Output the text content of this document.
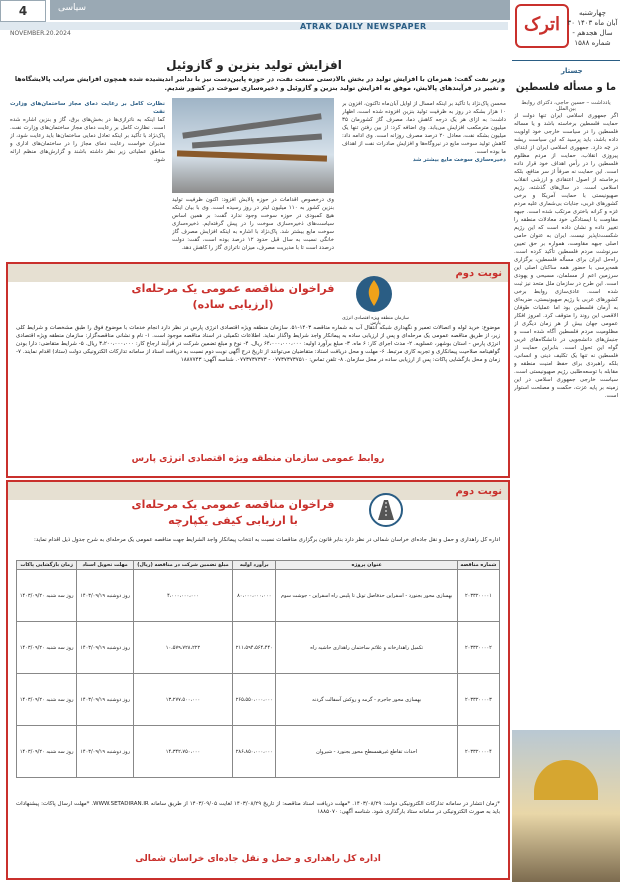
4	سیاسی
NOVEMBER.20.2024
ATRAK DAILY NEWSPAPER	اترک
چهارشنبه
۳۰ آبان ماه ۱۴۰۳
سال هجدهم - شماره ۱۵۸۸
افزایش تولید بنزین و گازوئیل
وزیر نفت گفت: همزمان با افزایش تولید در بخش بالادستی صنعت نفت، در حوزه پایین‌دست نیز با تدابیر اندیشیده شده همچون افزایش ضرایب پالایشگاه‌ها و تغییر در فرآیندهای پالایش، موفق به افزایش تولید بنزین و گازوئیل و ذخیره‌سازی سوخت در کشور شدیم.
محسن پاک‌نژاد با تأکید بر اینکه امسال از اوایل آبان‌ماه تاکنون، افزون بر ۱۰ هزار بشکه در روز به ظرفیت تولید بنزین افزوده شده است، اظهار داشت: به ازای هر یک درجه کاهش دما، مصرف گاز کشورمان ۳۵ میلیون مترمکعب افزایش می‌یابد. وی اضافه کرد: از بین رفتن تنها یک میلیون بشکه نفت، معادل ۲۰ درصد مصرف روزانه است. وی ادامه داد: کاهش تولید سوخت مایع در نیروگاه‌ها و افزایش صادرات نفت از اهداف ما بوده است.
ذخیره‌سازی سوخت مایع بیشتر شد
وی درخصوص اقدامات در حوزه پالایش افزود: اکنون ظرفیت تولید بنزین کشور به ۱۱۰ میلیون لیتر در روز رسیده است. وی با بیان اینکه هیچ کمبودی در حوزه سوخت وجود ندارد گفت: بر همین اساس سیاست‌های ذخیره‌سازی سوخت را در پیش گرفته‌ایم. ذخیره‌سازی سوخت مایع بیشتر شد. پاک‌نژاد با اشاره به اینکه افزایش مصرف گاز خانگی نسبت به سال قبل حدود ۱۲ درصد بوده است، گفت: دولت درصدد است تا با مدیریت مصرف، میزان ناترازی گاز را کاهش دهد.
نظارت کامل بر رعایت دمای مجاز ساختمان‌های وزارت نفت
کما اینکه به ناترازی‌ها در بخش‌های برق، گاز و بنزین اشاره شده است. نظارت کامل بر رعایت دمای مجاز ساختمان‌های وزارت نفت. پاک‌نژاد با تأکید بر اینکه تعادل دمایی ساختمان‌ها باید رعایت شود، از مدیران خواست رعایت دمای مجاز را در ساختمان‌های اداری و مناطق عملیاتی زیر نظر داشته باشند و گزارش‌های منظم ارائه شود.
نوبت دوم
سازمان منطقه ویژه اقتصادی انرژی پارس
فراخوان مناقصه عمومی یک مرحله‌ای
(ارزیابی ساده)
موضوع: خرید لوله و اتصالات تعمیر و نگهداری شبکه انتقال آب به شماره مناقصه ۱۴۰۳-۵۱. سازمان منطقه ویژه اقتصادی انرژی پارس در نظر دارد انجام خدمات با موضوع فوق را طبق مشخصات و شرایط کلی زیر، از طریق مناقصه عمومی یک مرحله‌ای و پس از ارزیابی ساده به پیمانکار واجد شرایط واگذار نماید. اطلاعات تکمیلی در اسناد مناقصه موجود است. ۱- نام و نشانی مناقصه‌گزار: سازمان منطقه ویژه اقتصادی انرژی پارس - استان بوشهر، عسلویه. ۲- مدت اجرای کار: ۶ ماه. ۳- مبلغ برآورد اولیه: ۶۴،۰۰۰،۰۰۰،۰۰۰ ریال. ۴- نوع و مبلغ تضمین شرکت در فرآیند ارجاع کار: ۳،۲۰۰،۰۰۰،۰۰۰ ریال. ۵- شرایط متقاضی: دارا بودن گواهینامه صلاحیت پیمانکاری و تجربه کاری مرتبط. ۶- مهلت و محل دریافت اسناد: متقاضیان می‌توانند از تاریخ درج آگهی نوبت دوم نسبت به دریافت اسناد از سامانه تدارکات الکترونیکی دولت (ستاد) اقدام نمایند. ۷- زمان و محل بازگشایی پاکات: پس از ارزیابی ساده در محل سازمان. ۸- تلفن تماس: ۰۷۷۳۷۳۷۳۷۵۱۰ - ۰۷۷۳۷۳۷۳۷۳. شناسه آگهی: ۱۸۸۷۷۴۳
روابط عمومی سازمان منطقه ویژه اقتصادی انرژی پارس
نوبت دوم
فراخوان مناقصه عمومی یک مرحله‌ای
با ارزیابی کیفی یکپارچه
اداره کل راهداری و حمل و نقل جاده‌ای خراسان شمالی در نظر دارد بنابر قانون برگزاری مناقصات نسبت به انتخاب پیمانکار واجد الشرایط جهت مناقصه عمومی یک مرحله‌ای به شرح جدول ذیل اقدام نماید:
شماره مناقصه	عنوان پروژه	برآورد اولیه	مبلغ تضمین شرکت در مناقصه (ریال)	مهلت تحویل اسناد	زمان بازگشایی پاکات
۲۰۳۳۲۰۰۰۰۱	بهسازی محور بجنورد - اسفراین حدفاصل تونل تا پلیس راه اسفراین - جوشت سوم	۸۰،۰۰۰،۰۰۰،۰۰۰	۴،۰۰۰،۰۰۰،۰۰۰	روز دوشنبه ۱۴۰۳/۰۹/۱۹	روز سه شنبه ۱۴۰۳/۰۹/۲۰
۲۰۳۳۲۰۰۰۰۲	تکمیل راهدارخانه و علائم ساختمان راهداری حاشیه راه	۲۱۱،۵۹۴،۵۶۴،۴۴۰	۱۰،۵۷۹،۷۲۸،۲۲۲	روز دوشنبه ۱۴۰۳/۰۹/۱۹	روز سه شنبه ۱۴۰۳/۰۹/۲۰
۲۰۳۳۲۰۰۰۰۳	بهسازی محور جاجرم - گرمه و روکش آسفالت گردنه	۲۶۵،۵۵۰،۰۰۰،۰۰۰	۱۳،۲۷۷،۵۰۰،۰۰۰	روز دوشنبه ۱۴۰۳/۰۹/۱۹	روز سه شنبه ۱۴۰۳/۰۹/۲۰
۲۰۳۳۲۰۰۰۰۴	احداث تقاطع غیرهمسطح محور بجنورد - شیروان	۲۸۶،۸۵۰،۰۰۰،۰۰۰	۱۴،۳۴۲،۷۵۰،۰۰۰	روز دوشنبه ۱۴۰۳/۰۹/۱۹	روز سه شنبه ۱۴۰۳/۰۹/۲۰
*زمان انتشار در سامانه تدارکات الکترونیکی دولت: ۱۴۰۳/۰۸/۲۹. *مهلت دریافت اسناد مناقصه: از تاریخ ۱۴۰۳/۰۸/۲۹ لغایت ۱۴۰۳/۰۹/۰۵ از طریق سامانه WWW.SETADIRAN.IR. *مهلت ارسال پاکات: پیشنهادات باید به صورت الکترونیکی در سامانه ستاد بارگذاری شود. شناسه آگهی: ۱۸۸۵۰۷۰
اداره کل راهداری و حمل و نقل جاده‌ای خراسان شمالی
جستار
ما و مسأله فلسطین
یادداشت – حسین حاجی، دکترای روابط بین‌الملل
اگر جمهوری اسلامی ایران تنها دولت از حمایت فلسطین برخاسته باشد و یا مساله فلسطین را در سیاست خارجی خود اولویت داده باشد، باید پرسید که این سیاست ریشه در چه دارد. جمهوری اسلامی ایران از ابتدای پیروزی انقلاب، حمایت از مردم مظلوم فلسطین را در رأس اهداف خود قرار داده است. این حمایت نه صرفاً از سر منافع، بلکه برخاسته از اصول اعتقادی و ارزشی انقلاب اسلامی است. در سال‌های گذشته، رژیم صهیونیستی با حمایت آمریکا و برخی کشورهای غربی، جنایات بی‌شماری علیه مردم غزه و کرانه باختری مرتکب شده است. جبهه مقاومت با ایستادگی خود معادلات منطقه را تغییر داده و نشان داده است که این رژیم شکست‌ناپذیر نیست. ایران به عنوان حامی اصلی جبهه مقاومت، همواره بر حق تعیین سرنوشت مردم فلسطین تأکید کرده است. راه‌حل ایران برای مسأله فلسطین، برگزاری همه‌پرسی با حضور همه ساکنان اصلی این سرزمین اعم از مسلمان، مسیحی و یهودی است. این طرح در سازمان ملل متحد نیز ثبت شده است. عادی‌سازی روابط برخی کشورهای عربی با رژیم صهیونیستی، ضربه‌ای به آرمان فلسطین بود اما عملیات طوفان الاقصی این روند را متوقف کرد. امروز افکار عمومی جهان بیش از هر زمان دیگری از مظلومیت مردم فلسطین آگاه شده است و جنبش‌های دانشجویی در دانشگاه‌های غربی گواه این تحول است. بنابراین حمایت از فلسطین نه تنها یک تکلیف دینی و انسانی، بلکه راهبردی برای حفظ امنیت منطقه و مقابله با توسعه‌طلبی رژیم صهیونیستی است. سیاست خارجی جمهوری اسلامی در این زمینه بر پایه عزت، حکمت و مصلحت استوار است.
